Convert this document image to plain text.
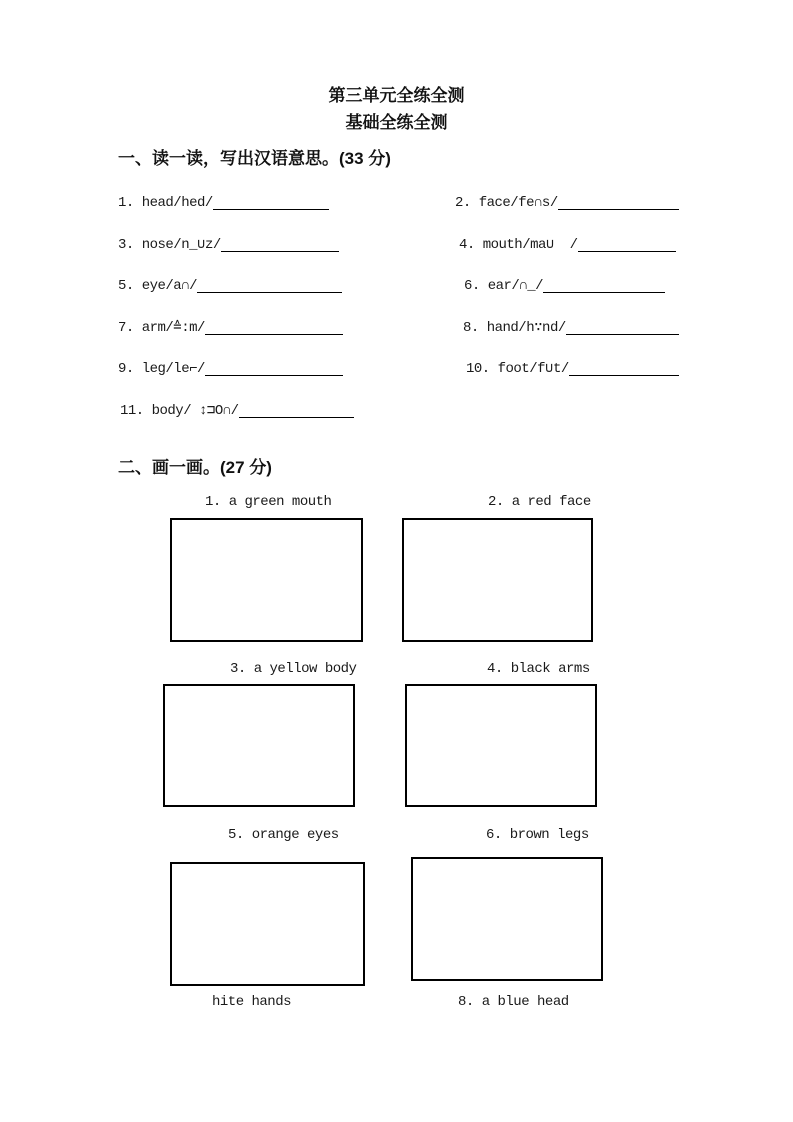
第三单元全练全测
基础全练全测
一、读一读，写出汉语意思。(33 分)
1. head/hed/	2. face/fe∩s/
3. nose/n_∪z/	4. mouth/ma∪  /
5. eye/a∩/	6. ear/∩_/
7. arm/≙:m/	8. hand/h∵nd/
9. leg/le⌐/	10. foot/f∪t/
11. body/ ↕⊐O∩/
二、画一画。(27 分)
1. a green mouth	2. a red face
3. a yellow body	4. black arms
5. orange eyes	6. brown legs
hite hands	8. a blue head
